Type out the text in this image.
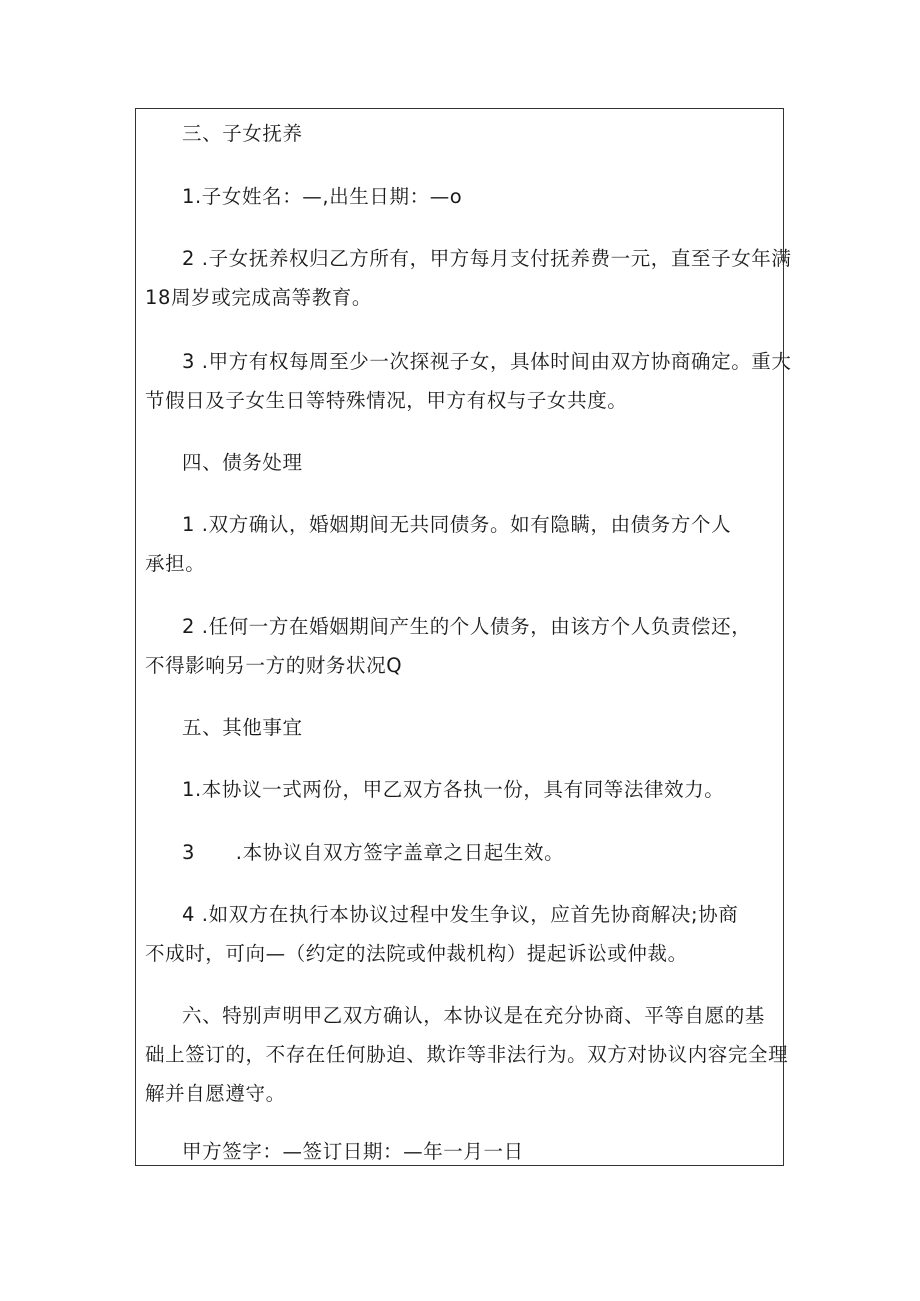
三、子女抚养
1.子女姓名：—,出生日期：—o
2 .子女抚养权归乙方所有，甲方每月支付抚养费一元，直至子女年满
18周岁或完成高等教育。
3 .甲方有权每周至少一次探视子女，具体时间由双方协商确定。重大
节假日及子女生日等特殊情况，甲方有权与子女共度。
四、债务处理
1 .双方确认，婚姻期间无共同债务。如有隐瞒，由债务方个人
承担。
2 .任何一方在婚姻期间产生的个人债务，由该方个人负责偿还，
不得影响另一方的财务状况Q
五、其他事宜
1.本协议一式两份，甲乙双方各执一份，具有同等法律效力。
3      .本协议自双方签字盖章之日起生效。
4 .如双方在执行本协议过程中发生争议，应首先协商解决;协商
不成时，可向—（约定的法院或仲裁机构）提起诉讼或仲裁。
六、特别声明甲乙双方确认，本协议是在充分协商、平等自愿的基
础上签订的，不存在任何胁迫、欺诈等非法行为。双方对协议内容完全理
解并自愿遵守。
甲方签字：—签订日期：—年一月一日
